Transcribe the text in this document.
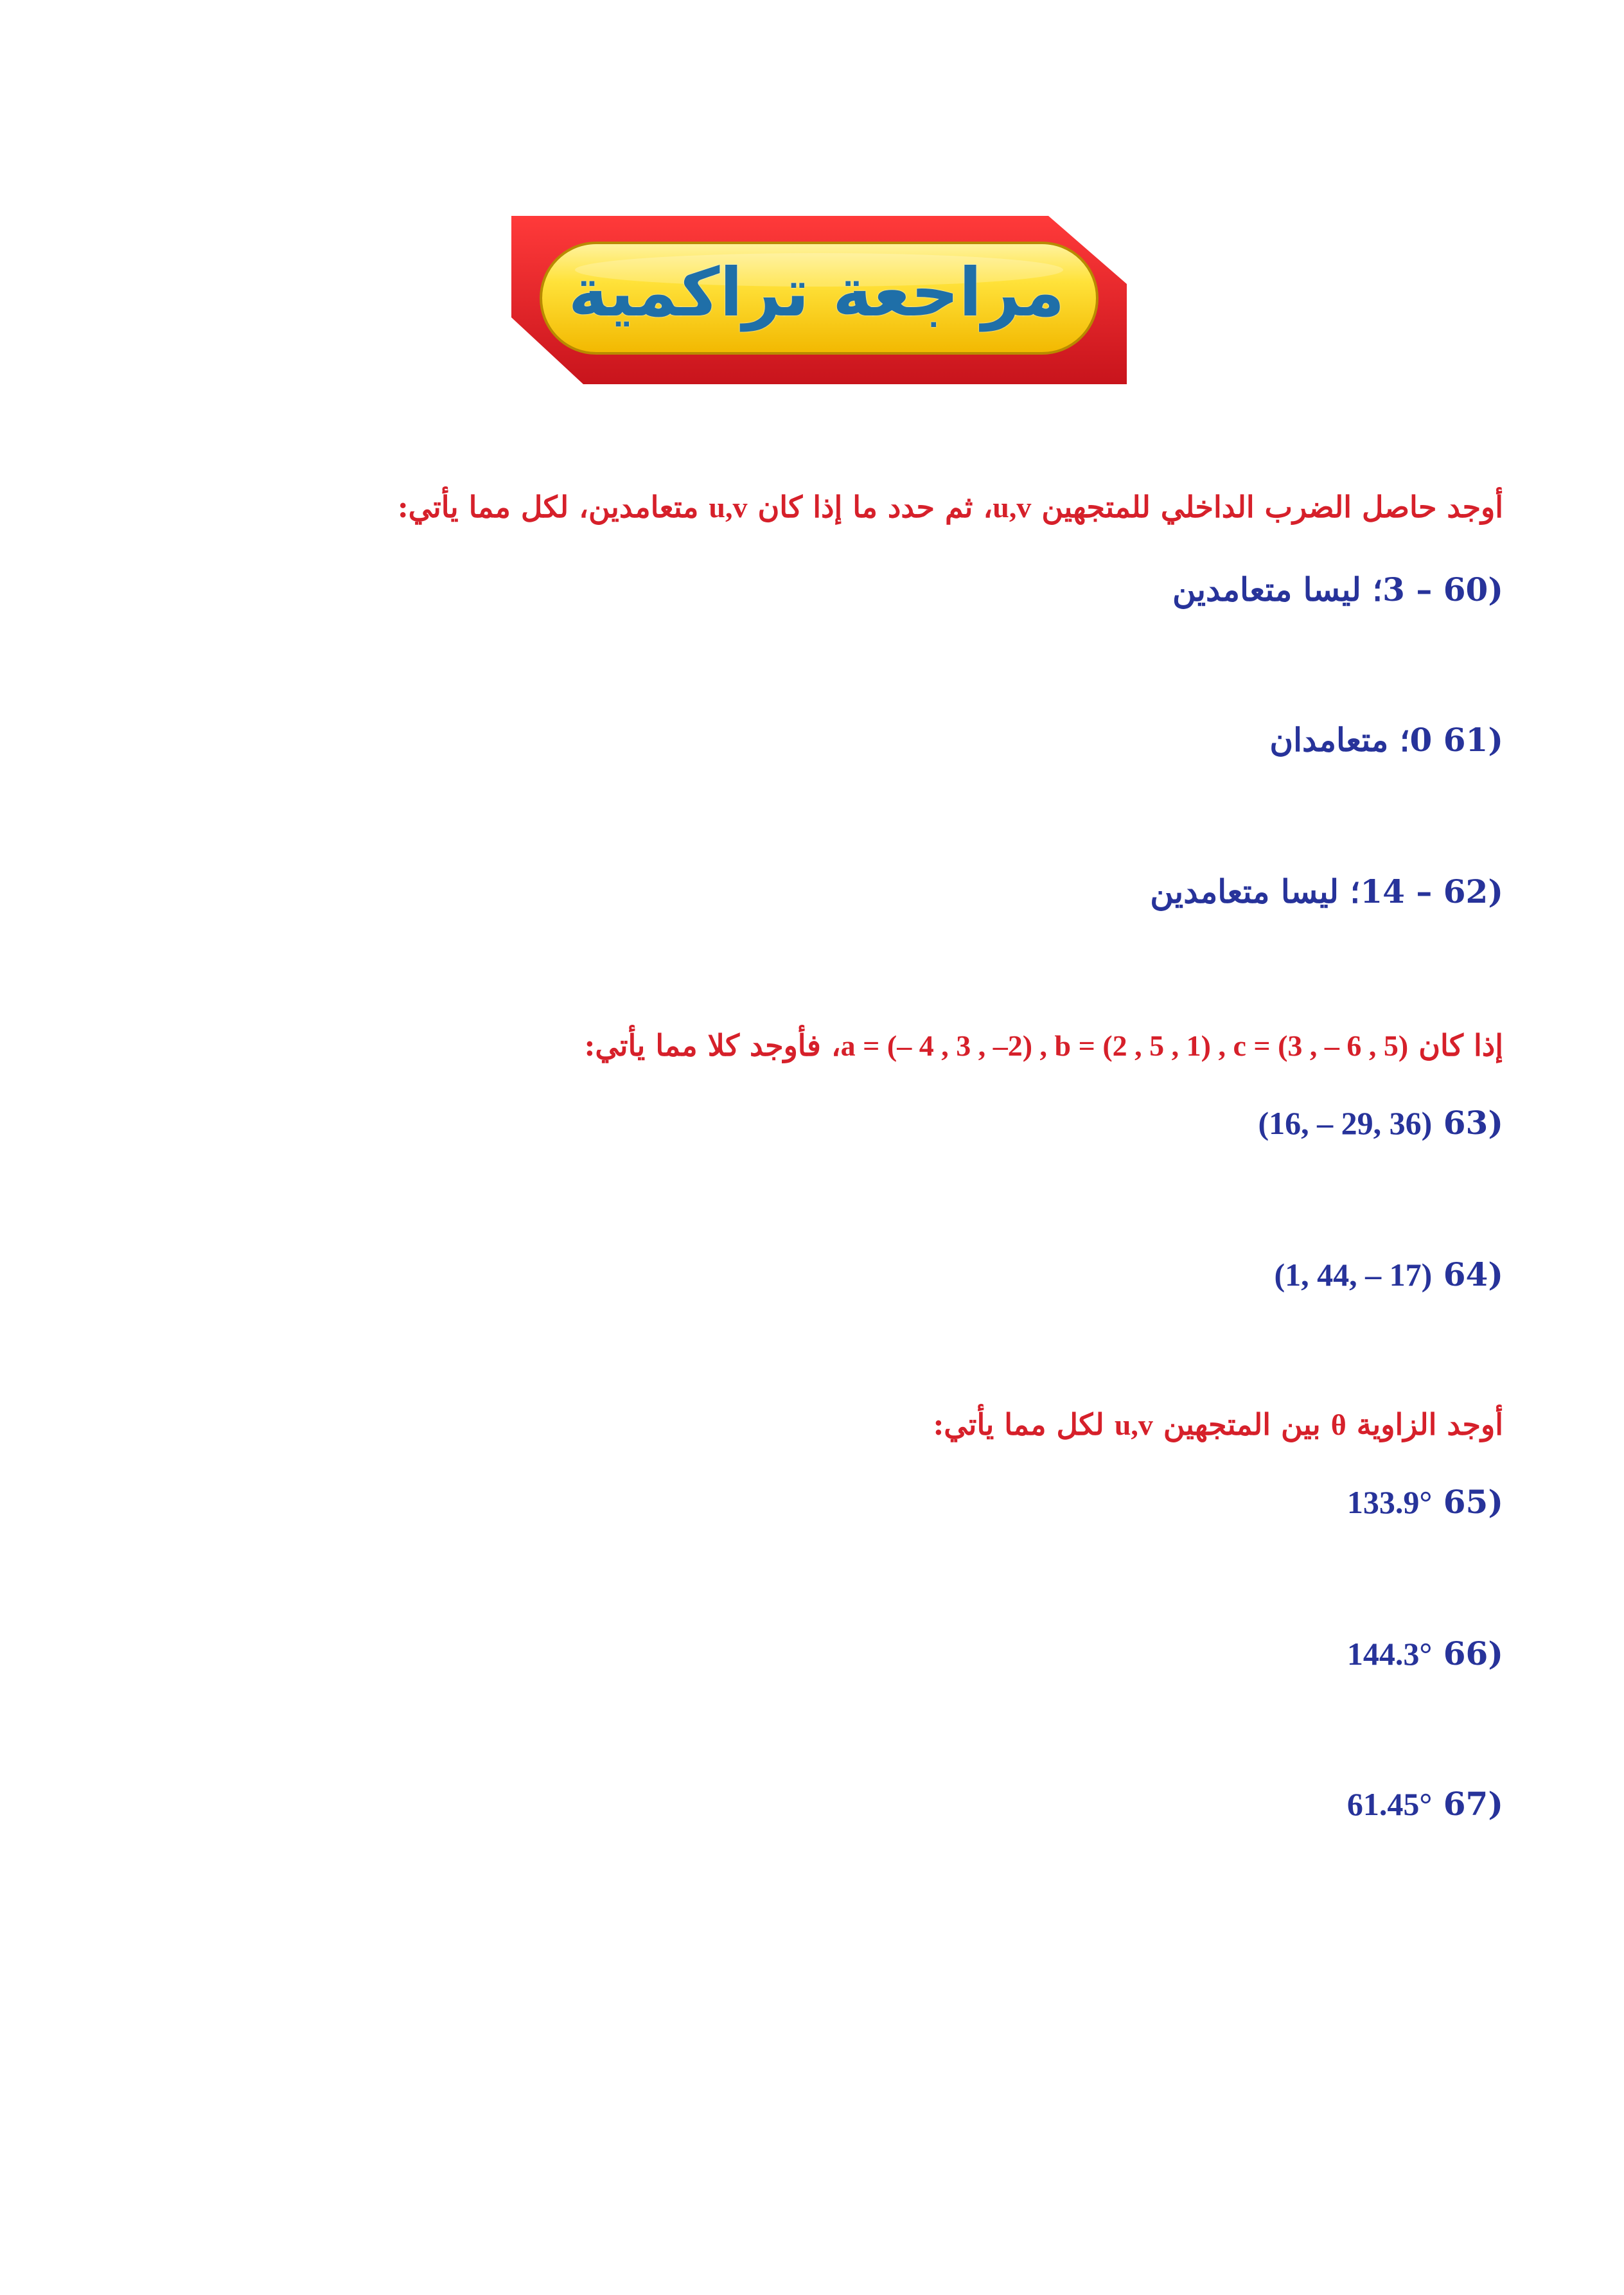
مراجعة تراكمية
أوجد حاصل الضرب الداخلي للمتجهين u,v، ثم حدد ما إذا كان u,v متعامدين، لكل مما يأتي:
60) 3 –؛ ليسا متعامدين
61) 0؛ متعامدان
62) 14 –؛ ليسا متعامدين
إذا كان a = (– 4 , 3 , –2) , b = (2 , 5 , 1) , c = (3 , – 6 , 5)، فأوجد كلا مما يأتي:
63) (16, – 29, 36)
64) (1, 44, – 17)
أوجد الزاوية θ بين المتجهين u,v لكل مما يأتي:
65) 133.9°
66) 144.3°
67) 61.45°
